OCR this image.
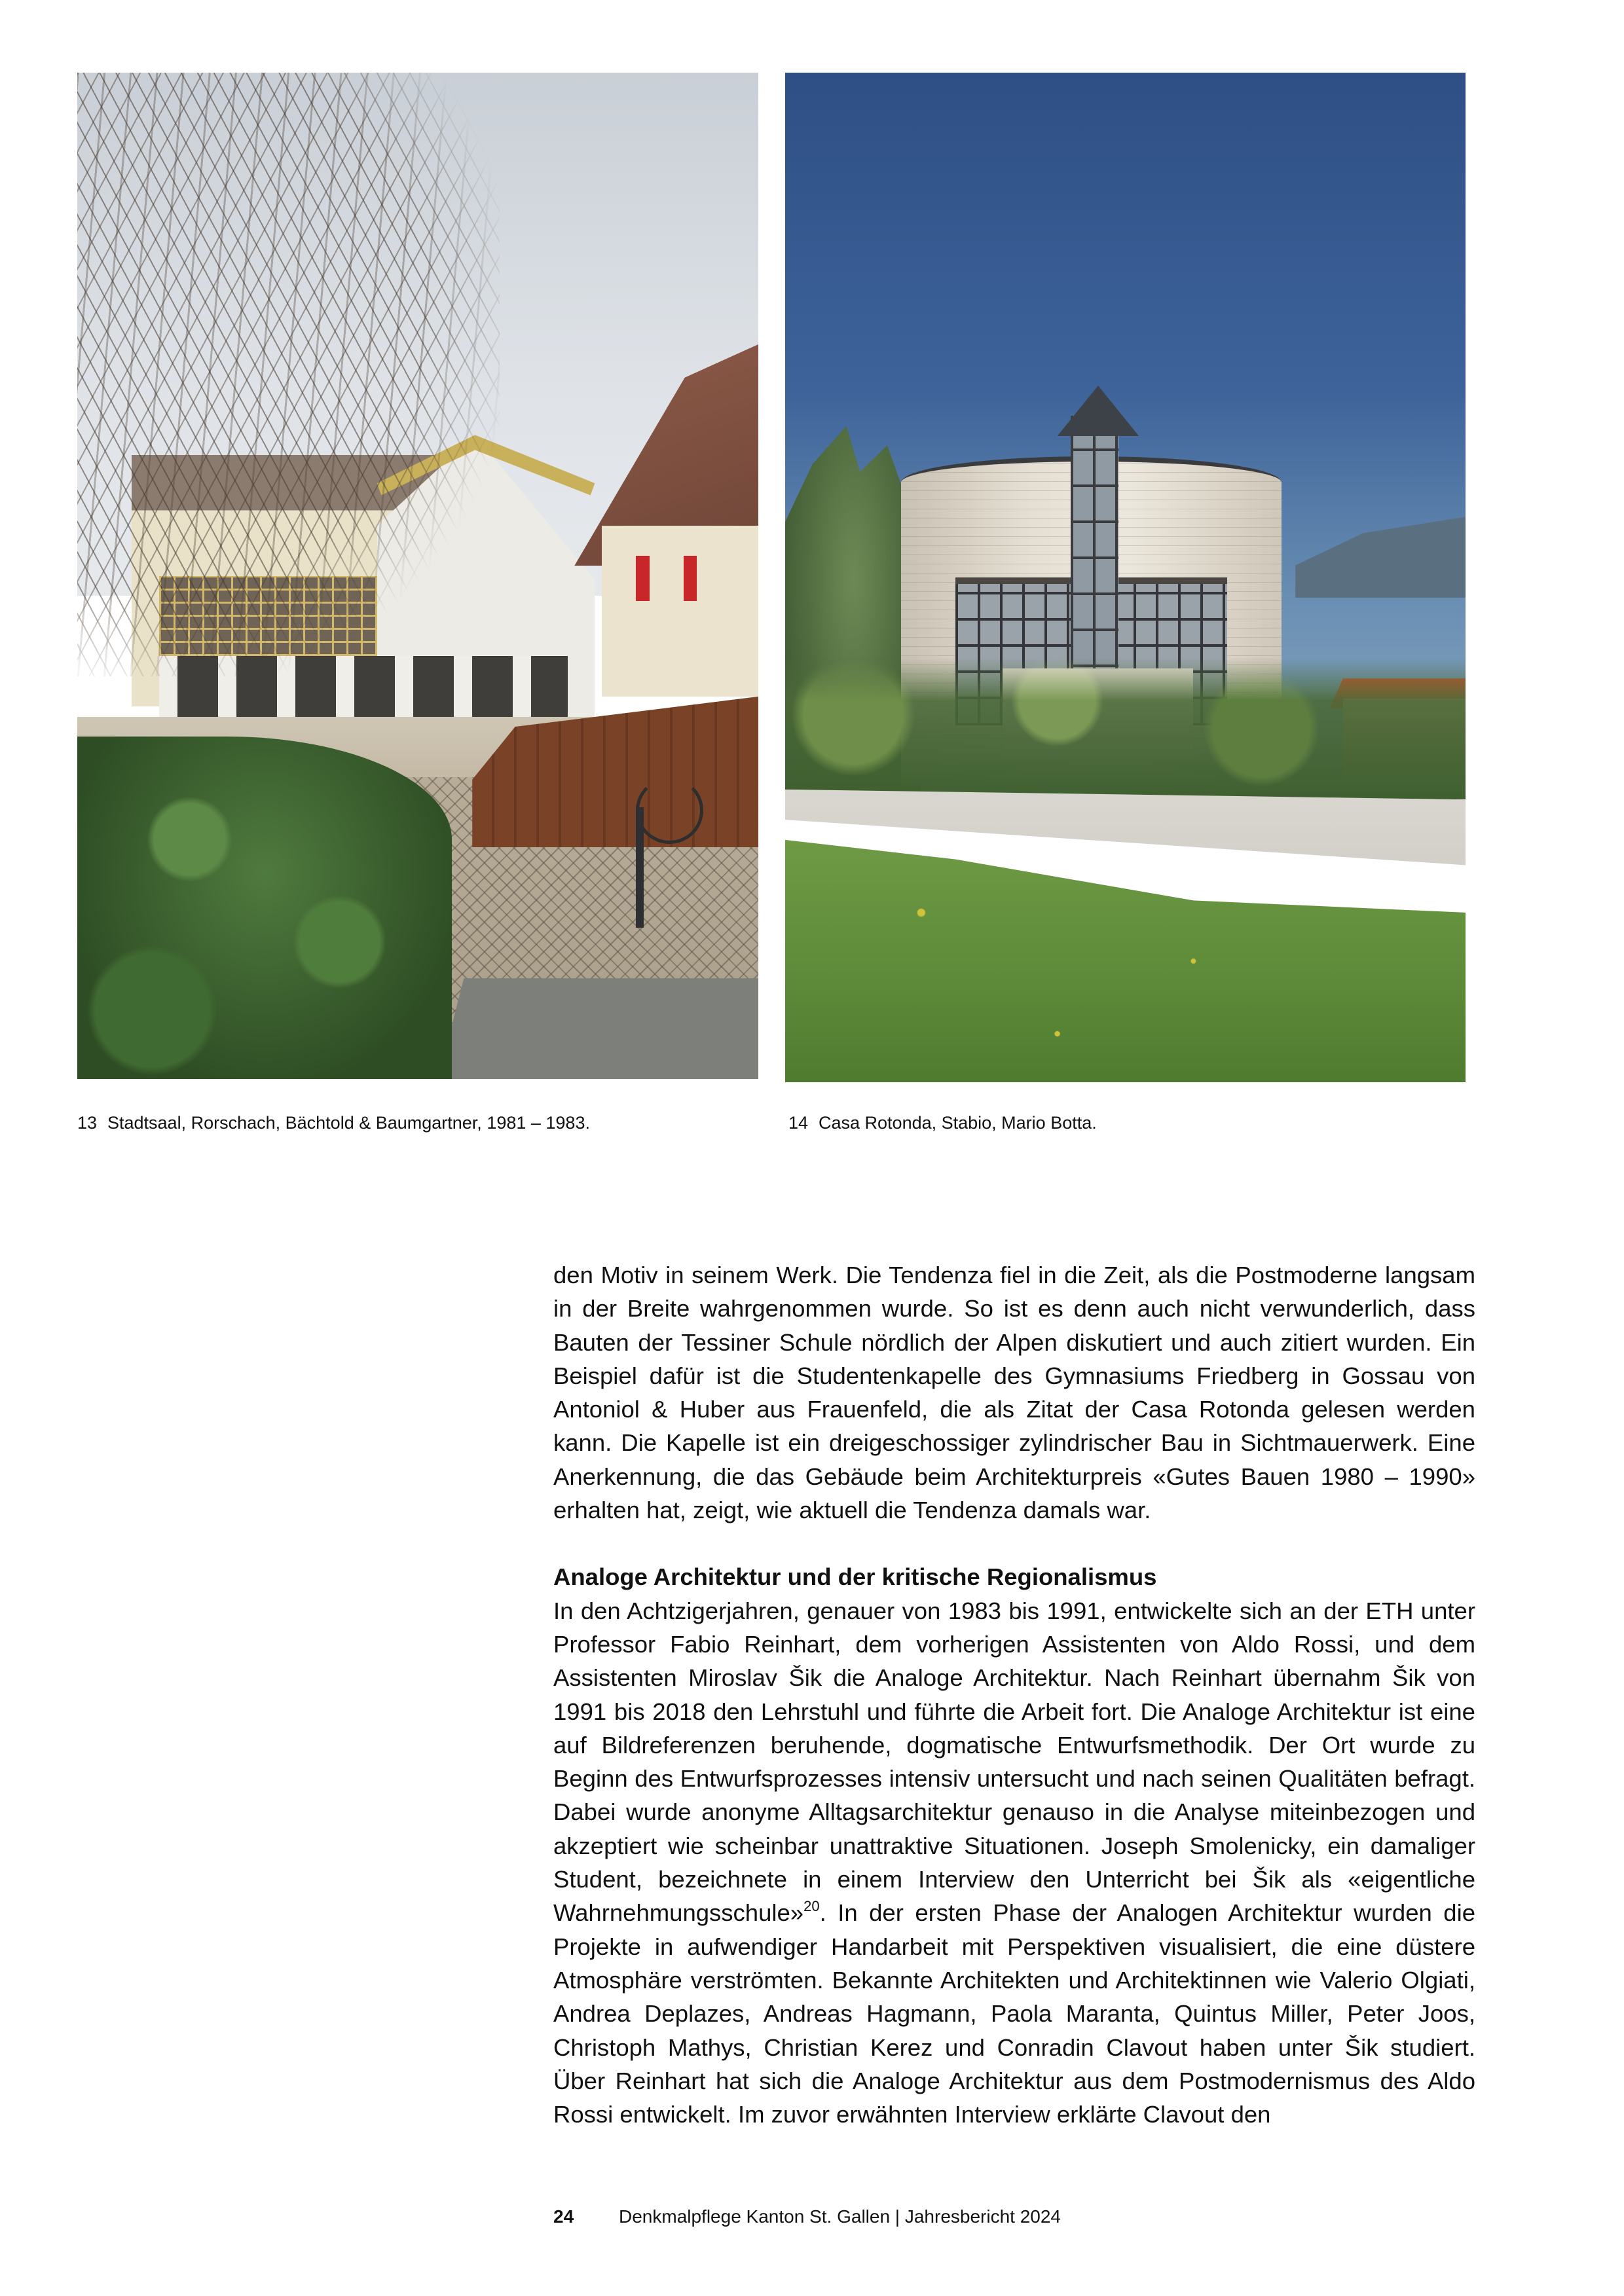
13 Stadtsaal, Rorschach, Bächtold & Baumgartner, 1981 – 1983.	14 Casa Rotonda, Stabio, Mario Botta.

den Motiv in seinem Werk. Die Tendenza fiel in die Zeit, als die Postmoderne langsam in der Breite wahrgenommen wurde. So ist es denn auch nicht verwunderlich, dass Bauten der Tessiner Schule nördlich der Alpen diskutiert und auch zitiert wurden. Ein Beispiel dafür ist die Studentenkapelle des Gymnasiums Friedberg in Gossau von Antoniol & Huber aus Frauenfeld, die als Zitat der Casa Rotonda gelesen werden kann. Die Kapelle ist ein dreigeschossiger zylindrischer Bau in Sichtmauerwerk. Eine Anerkennung, die das Gebäude beim Architekturpreis «Gutes Bauen 1980 – 1990» erhalten hat, zeigt, wie aktuell die Tendenza damals war.

Analoge Architektur und der kritische Regionalismus

In den Achtzigerjahren, genauer von 1983 bis 1991, entwickelte sich an der ETH unter Professor Fabio Reinhart, dem vorherigen Assistenten von Aldo Rossi, und dem Assistenten Miroslav Šik die Analoge Architektur. Nach Reinhart übernahm Šik von 1991 bis 2018 den Lehrstuhl und führte die Arbeit fort. Die Analoge Architektur ist eine auf Bildreferenzen beruhende, dogmatische Entwurfsmethodik. Der Ort wurde zu Beginn des Entwurfsprozesses intensiv untersucht und nach seinen Qualitäten befragt. Dabei wurde anonyme Alltagsarchitektur genauso in die Analyse miteinbezogen und akzeptiert wie scheinbar unattraktive Situationen. Joseph Smolenicky, ein damaliger Student, bezeichnete in einem Interview den Unterricht bei Šik als «eigentliche Wahrnehmungsschule»$^{20}$. In der ersten Phase der Analogen Architektur wurden die Projekte in aufwendiger Handarbeit mit Perspektiven visualisiert, die eine düstere Atmosphäre verströmten. Bekannte Architekten und Architektinnen wie Valerio Olgiati, Andrea Deplazes, Andreas Hagmann, Paola Maranta, Quintus Miller, Peter Joos, Christoph Mathys, Christian Kerez und Conradin Clavout haben unter Šik studiert. Über Reinhart hat sich die Analoge Architektur aus dem Postmodernismus des Aldo Rossi entwickelt. Im zuvor erwähnten Interview erklärte Clavout den

24 Denkmalpflege Kanton St. Gallen | Jahresbericht 2024
